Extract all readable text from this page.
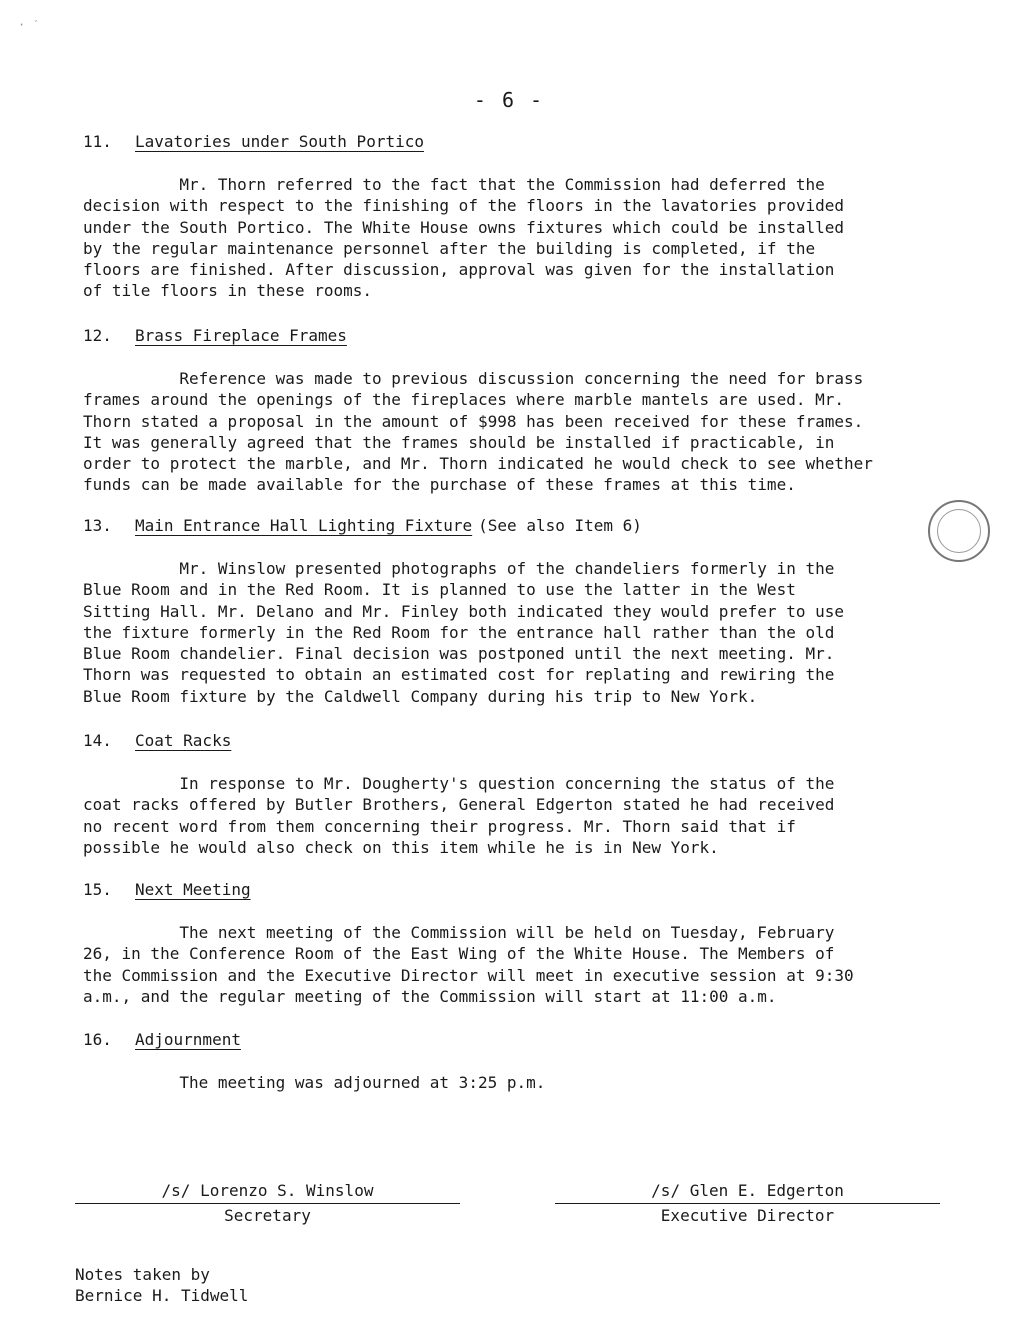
· ˊ
- 6 -
11. Lavatories under South Portico
Mr. Thorn referred to the fact that the Commission had deferred the
decision with respect to the finishing of the floors in the lavatories provided
under the South Portico. The White House owns fixtures which could be installed
by the regular maintenance personnel after the building is completed, if the
floors are finished. After discussion, approval was given for the installation
of tile floors in these rooms.
12. Brass Fireplace Frames
Reference was made to previous discussion concerning the need for brass
frames around the openings of the fireplaces where marble mantels are used. Mr.
Thorn stated a proposal in the amount of $998 has been received for these frames.
It was generally agreed that the frames should be installed if practicable, in
order to protect the marble, and Mr. Thorn indicated he would check to see whether
funds can be made available for the purchase of these frames at this time.
13. Main Entrance Hall Lighting Fixture (See also Item 6)
Mr. Winslow presented photographs of the chandeliers formerly in the
Blue Room and in the Red Room. It is planned to use the latter in the West
Sitting Hall. Mr. Delano and Mr. Finley both indicated they would prefer to use
the fixture formerly in the Red Room for the entrance hall rather than the old
Blue Room chandelier. Final decision was postponed until the next meeting. Mr.
Thorn was requested to obtain an estimated cost for replating and rewiring the
Blue Room fixture by the Caldwell Company during his trip to New York.
14. Coat Racks
In response to Mr. Dougherty's question concerning the status of the
coat racks offered by Butler Brothers, General Edgerton stated he had received
no recent word from them concerning their progress. Mr. Thorn said that if
possible he would also check on this item while he is in New York.
15. Next Meeting
The next meeting of the Commission will be held on Tuesday, February
26, in the Conference Room of the East Wing of the White House. The Members of
the Commission and the Executive Director will meet in executive session at 9:30
a.m., and the regular meeting of the Commission will start at 11:00 a.m.
16. Adjournment
The meeting was adjourned at 3:25 p.m.
/s/ Lorenzo S. Winslow
Secretary
/s/ Glen E. Edgerton
Executive Director
Notes taken by
Bernice H. Tidwell
